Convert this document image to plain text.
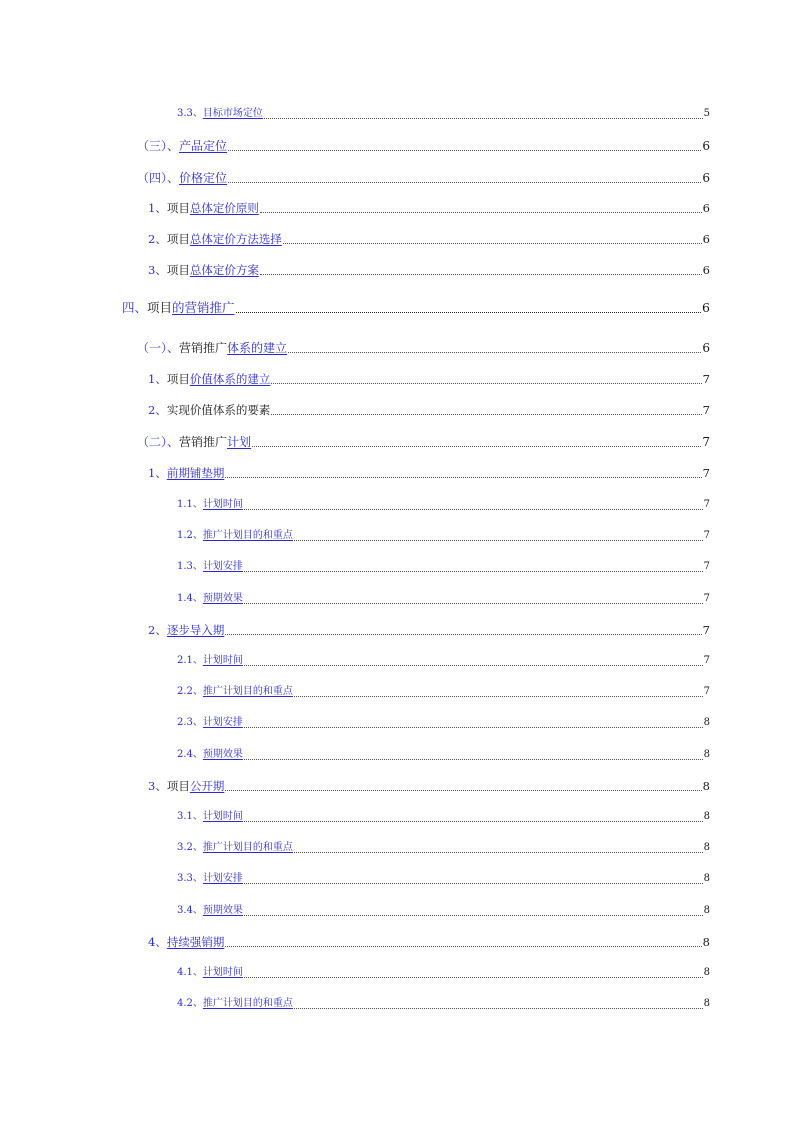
3.3、目标市场定位	5
（三）、产品定位	6
（四）、价格定位	6
1、项目总体定价原则	6
2、项目总体定价方法选择	6
3、项目总体定价方案	6
四、项目的营销推广	6
（一）、营销推广体系的建立	6
1、项目价值体系的建立	7
2、实现价值体系的要素	7
（二）、营销推广计划	7
1、前期铺垫期	7
1.1、计划时间	7
1.2、推广计划目的和重点	7
1.3、计划安排	7
1.4、预期效果	7
2、逐步导入期	7
2.1、计划时间	7
2.2、推广计划目的和重点	7
2.3、计划安排	8
2.4、预期效果	8
3、项目公开期	8
3.1、计划时间	8
3.2、推广计划目的和重点	8
3.3、计划安排	8
3.4、预期效果	8
4、持续强销期	8
4.1、计划时间	8
4.2、推广计划目的和重点	8
